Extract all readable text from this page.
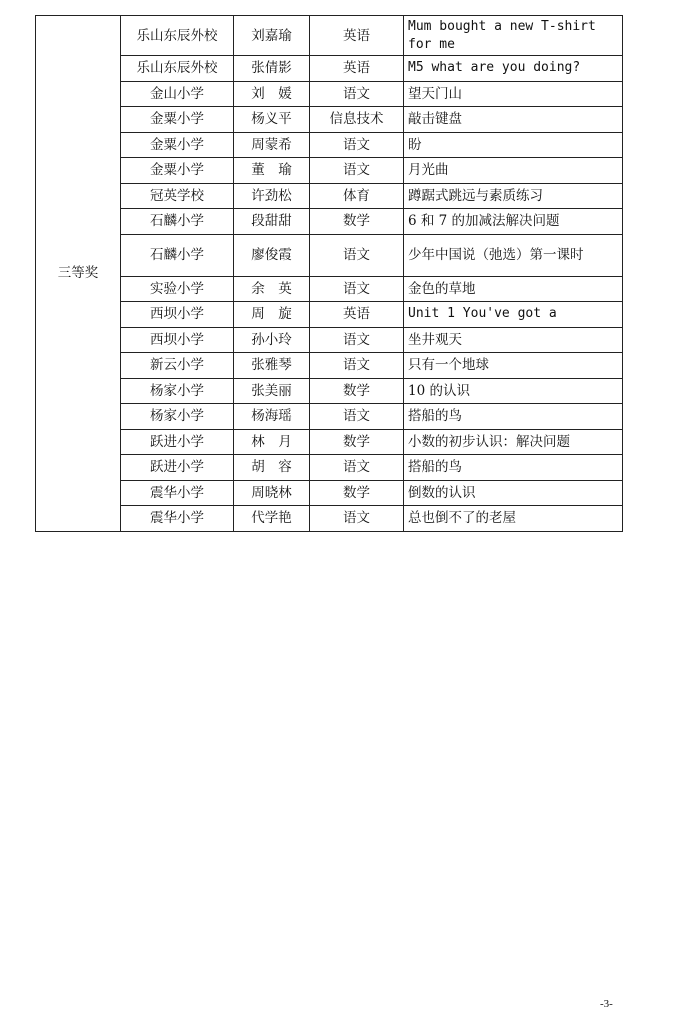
三等奖	乐山东辰外校	刘嘉瑜	英语	Mum bought a new T-shirt for me
	乐山东辰外校	张倩影	英语	M5 what are you doing?
	金山小学	刘　媛	语文	望天门山
	金粟小学	杨义平	信息技术	敲击键盘
	金粟小学	周蒙希	语文	盼
	金粟小学	董　瑜	语文	月光曲
	冠英学校	许劲松	体育	蹲踞式跳远与素质练习
	石麟小学	段甜甜	数学	6 和 7 的加减法解决问题
	石麟小学	廖俊霞	语文	少年中国说（弛选）第一课时
	实验小学	余　英	语文	金色的草地
	西坝小学	周　旋	英语	Unit 1 You've got a
	西坝小学	孙小玲	语文	坐井观天
	新云小学	张雅琴	语文	只有一个地球
	杨家小学	张美丽	数学	10 的认识
	杨家小学	杨海瑶	语文	搭船的鸟
	跃进小学	林　月	数学	小数的初步认识：解决问题
	跃进小学	胡　容	语文	搭船的鸟
	震华小学	周晓林	数学	倒数的认识
	震华小学	代学艳	语文	总也倒不了的老屋
-3-
